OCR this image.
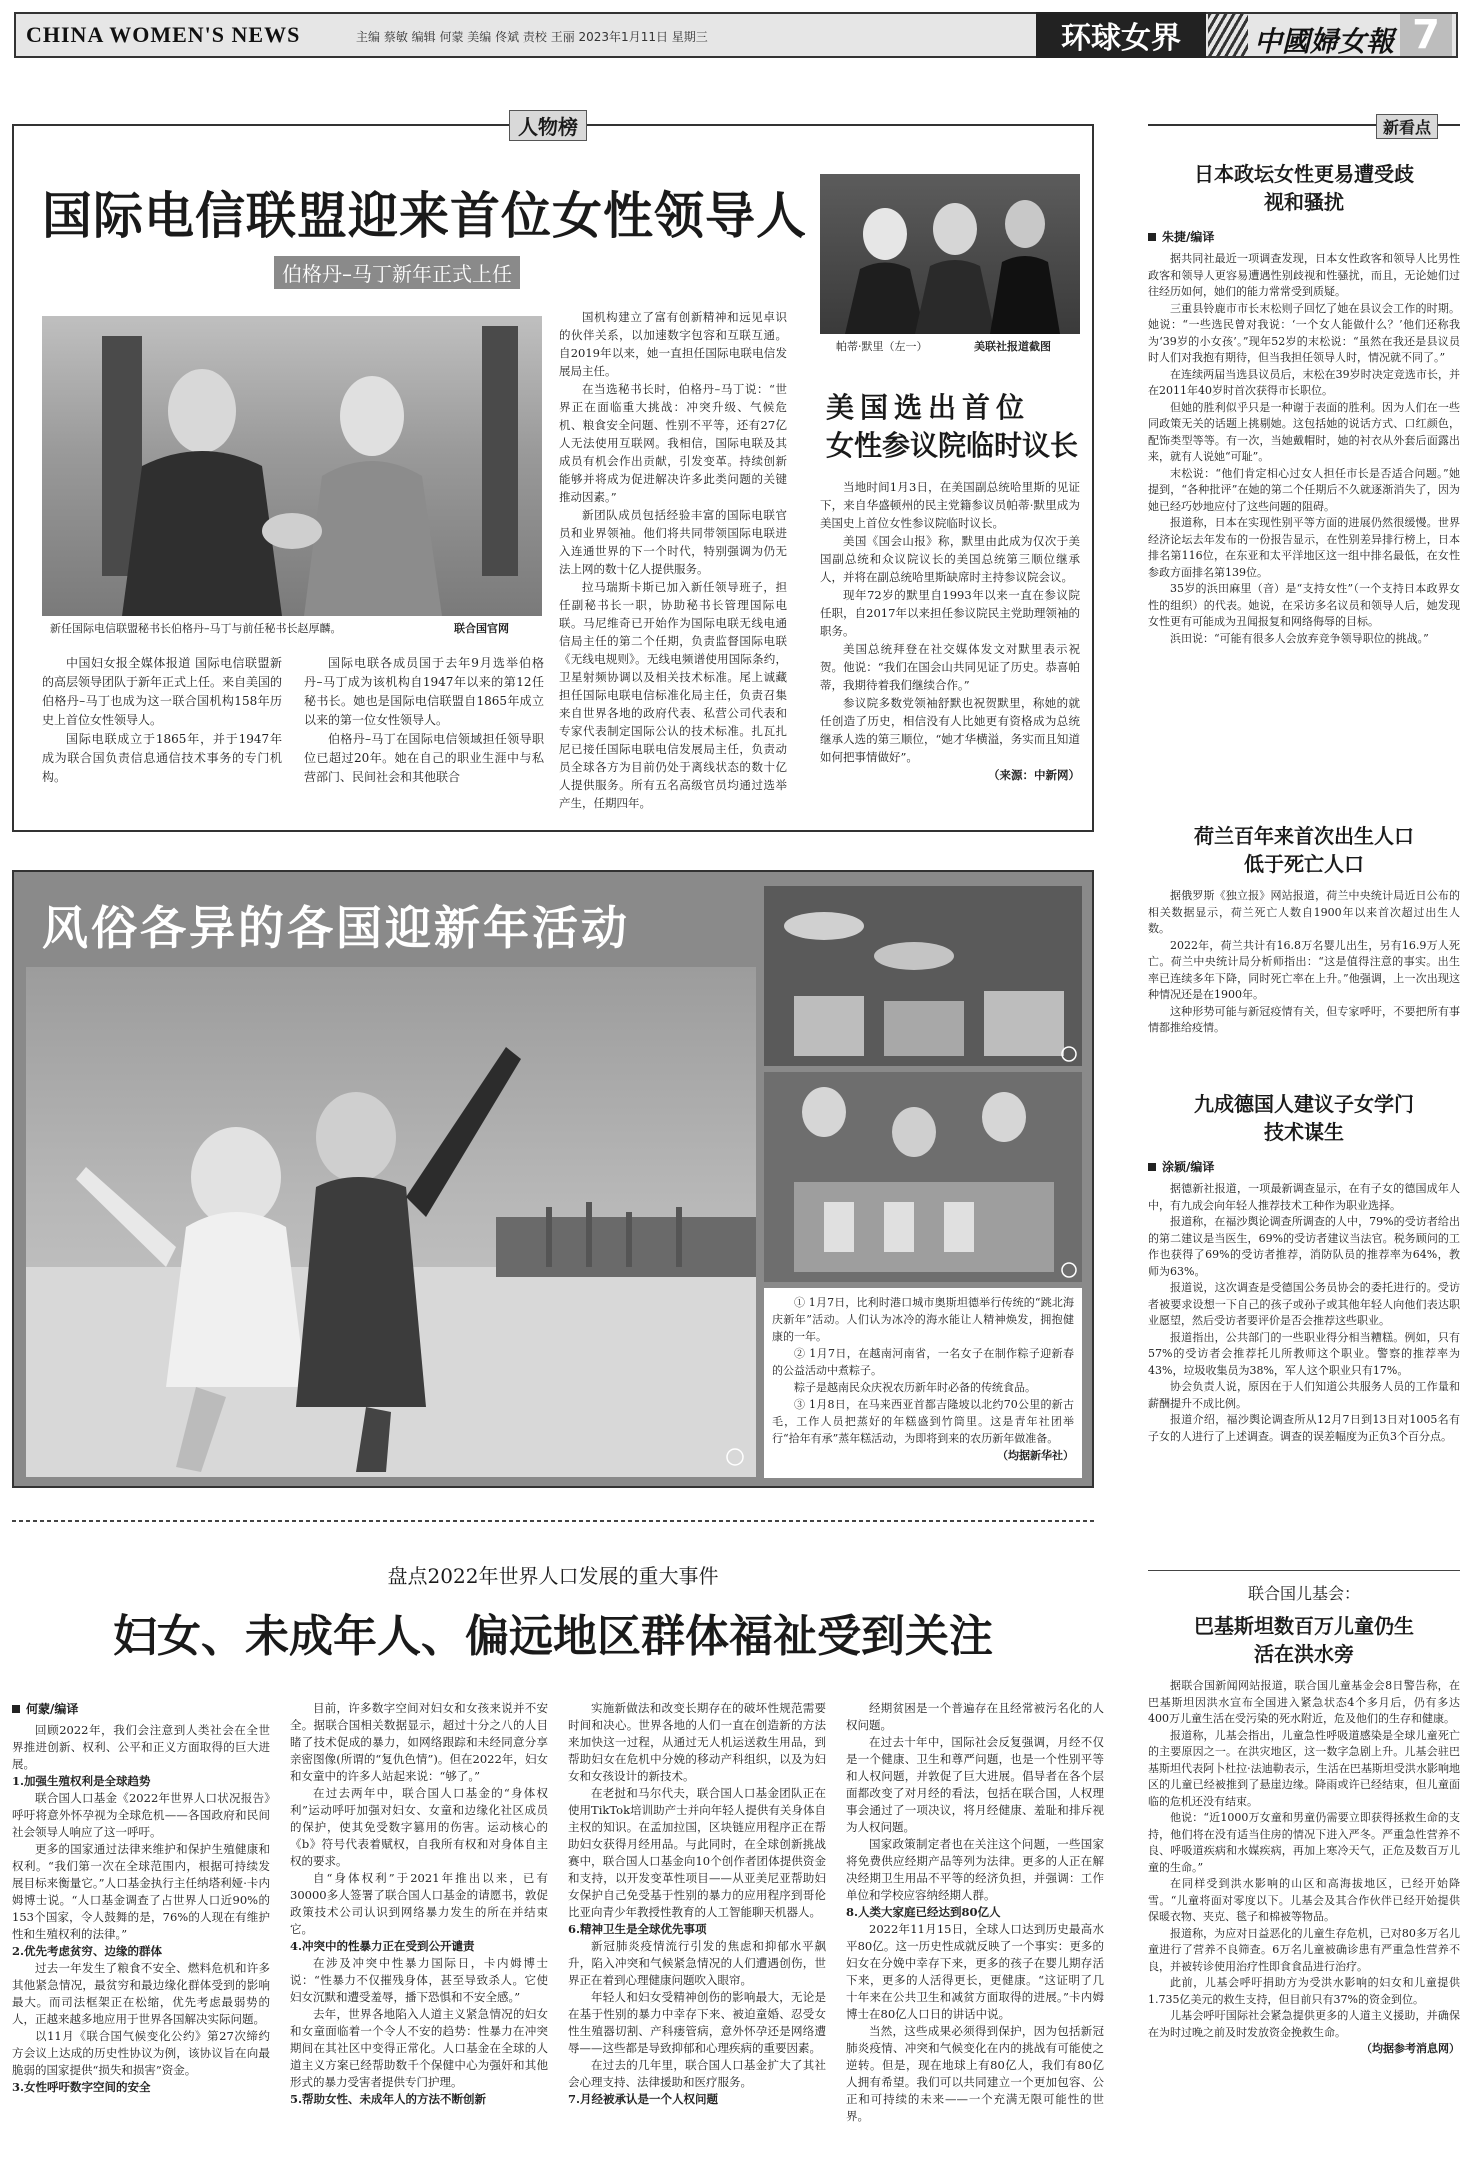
CHINA WOMEN'S NEWS	主编 蔡敏 编辑 何蒙 美编 佟斌 责校 王丽 2023年1月11日 星期三	环球女界	中國婦女報 7
人物榜
国际电信联盟迎来首位女性领导人
伯格丹–马丁新年正式上任
新任国际电信联盟秘书长伯格丹–马丁与前任秘书长赵厚麟。	联合国官网

中国妇女报全媒体报道 国际电信联盟新的高层领导团队于新年正式上任。来自美国的伯格丹–马丁也成为这一联合国机构158年历史上首位女性领导人。

国际电联成立于1865年，并于1947年成为联合国负责信息通信技术事务的专门机构。

国际电联各成员国于去年9月选举伯格丹–马丁成为该机构自1947年以来的第12任秘书长。她也是国际电信联盟自1865年成立以来的第一位女性领导人。

伯格丹–马丁在国际电信领域担任领导职位已超过20年。她在自己的职业生涯中与私营部门、民间社会和其他联合

国机构建立了富有创新精神和远见卓识的伙伴关系，以加速数字包容和互联互通。自2019年以来，她一直担任国际电联电信发展局主任。

在当选秘书长时，伯格丹–马丁说：“世界正在面临重大挑战：冲突升级、气候危机、粮食安全问题、性别不平等，还有27亿人无法使用互联网。我相信，国际电联及其成员有机会作出贡献，引发变革。持续创新能够并将成为促进解决许多此类问题的关键推动因素。”

新团队成员包括经验丰富的国际电联官员和业界领袖。他们将共同带领国际电联进入连通世界的下一个时代，特别强调为仍无法上网的数十亿人提供服务。

拉马瑞斯卡斯已加入新任领导班子，担任副秘书长一职，协助秘书长管理国际电联。马尼维奇已开始作为国际电联无线电通信局主任的第二个任期，负责监督国际电联《无线电规则》。无线电频谱使用国际条约，卫星射频协调以及相关技术标准。尾上诚藏担任国际电联电信标准化局主任，负责召集来自世界各地的政府代表、私营公司代表和专家代表制定国际公认的技术标准。扎瓦扎尼已接任国际电联电信发展局主任，负责动员全球各方为目前仍处于离线状态的数十亿人提供服务。所有五名高级官员均通过选举产生，任期四年。

帕蒂·默里（左一）	美联社报道截图
美国选出首位
女性参议院临时议长

当地时间1月3日，在美国副总统哈里斯的见证下，来自华盛顿州的民主党籍参议员帕蒂·默里成为美国史上首位女性参议院临时议长。

美国《国会山报》称，默里由此成为仅次于美国副总统和众议院议长的美国总统第三顺位继承人，并将在副总统哈里斯缺席时主持参议院会议。

现年72岁的默里自1993年以来一直在参议院任职，自2017年以来担任参议院民主党助理领袖的职务。

美国总统拜登在社交媒体发文对默里表示祝贺。他说：“我们在国会山共同见证了历史。恭喜帕蒂，我期待着我们继续合作。”

参议院多数党领袖舒默也祝贺默里，称她的就任创造了历史，相信没有人比她更有资格成为总统继承人选的第三顺位，“她才华横溢，务实而且知道如何把事情做好”。

（来源：中新网）

风俗各异的各国迎新年活动

① 1月7日，比利时港口城市奥斯坦德举行传统的“跳北海庆新年”活动。人们认为冰冷的海水能让人精神焕发，拥抱健康的一年。

② 1月7日，在越南河南省，一名女子在制作粽子迎新春的公益活动中煮粽子。

粽子是越南民众庆祝农历新年时必备的传统食品。

③ 1月8日，在马来西亚首都吉隆坡以北约70公里的新古毛，工作人员把蒸好的年糕盛到竹筒里。这是青年社团举行“拾年有承”蒸年糕活动，为即将到来的农历新年做准备。

（均据新华社）

盘点2022年世界人口发展的重大事件
妇女、未成年人、偏远地区群体福祉受到关注
何蒙/编译

回顾2022年，我们会注意到人类社会在全世界推进创新、权利、公平和正义方面取得的巨大进展。

1.加强生殖权利是全球趋势

联合国人口基金《2022年世界人口状况报告》呼吁将意外怀孕视为全球危机——各国政府和民间社会领导人响应了这一呼吁。

更多的国家通过法律来维护和保护生殖健康和权利。“我们第一次在全球范围内，根据可持续发展目标来衡量它。”人口基金执行主任纳塔利娅·卡内姆博士说。“人口基金调查了占世界人口近90%的153个国家，令人鼓舞的是，76%的人现在有维护性和生殖权利的法律。”

2.优先考虑贫穷、边缘的群体

过去一年发生了粮食不安全、燃料危机和许多其他紧急情况，最贫穷和最边缘化群体受到的影响最大。而司法框架正在松缩，优先考虑最弱势的人，正越来越多地应用于世界各国解决实际问题。

以11月《联合国气候变化公约》第27次缔约方会议上达成的历史性协议为例，该协议旨在向最脆弱的国家提供“损失和损害”资金。

3.女性呼吁数字空间的安全

目前，许多数字空间对妇女和女孩来说并不安全。据联合国相关数据显示，超过十分之八的人目睹了技术促成的暴力，如网络跟踪和未经同意分享亲密图像(所谓的“复仇色情”)。但在2022年，妇女和女童中的许多人站起来说：“够了。”

在过去两年中，联合国人口基金的“身体权利”运动呼吁加强对妇女、女童和边缘化社区成员的保护，使其免受数字篡用的伤害。运动核心的《b》符号代表着赋权，自我所有权和对身体自主权的要求。

自“身体权利”于2021年推出以来，已有30000多人签署了联合国人口基金的请愿书，敦促政策技术公司认识到网络暴力发生的所在并结束它。

4.冲突中的性暴力正在受到公开谴责

在涉及冲突中性暴力国际日，卡内姆博士说：“性暴力不仅摧残身体，甚至导致杀人。它使妇女沉默和遭受羞辱，播下恐惧和不安全感。”

去年，世界各地陷入人道主义紧急情况的妇女和女童面临着一个令人不安的趋势：性暴力在冲突期间在其社区中变得正常化。人口基金在全球的人道主义方案已经帮助数千个保健中心为强奸和其他形式的暴力受害者提供专门护理。

5.帮助女性、未成年人的方法不断创新

实施新做法和改变长期存在的破坏性规范需要时间和决心。世界各地的人们一直在创造新的方法来加快这一过程，从通过无人机运送救生用品，到帮助妇女在危机中分娩的移动产科组织，以及为妇女和女孩设计的新技术。

在老挝和马尔代夫，联合国人口基金团队正在使用TikTok培训助产士并向年轻人提供有关身体自主权的知识。在孟加拉国，区块链应用程序正在帮助妇女获得月经用品。与此同时，在全球创新挑战赛中，联合国人口基金向10个创作者团体提供资金和支持，以开发变革性项目——从亚美尼亚帮助妇女保护自己免受基于性别的暴力的应用程序到哥伦比亚向青少年教授性教育的人工智能聊天机器人。

6.精神卫生是全球优先事项

新冠肺炎疫情流行引发的焦虑和抑郁水平飙升，陷入冲突和气候紧急情况的人们遭遇创伤，世界正在着到心理健康问题吹入眼帘。

年轻人和妇女受精神创伤的影响最大，无论是在基于性别的暴力中幸存下来、被迫童婚、忍受女性生殖器切割、产科瘘管病，意外怀孕还是网络遭辱——这些都是导致抑郁和心理疾病的重要因素。

在过去的几年里，联合国人口基金扩大了其社会心理支持、法律援助和医疗服务。

7.月经被承认是一个人权问题

经期贫困是一个普遍存在且经常被污名化的人权问题。

在过去十年中，国际社会反复强调，月经不仅是一个健康、卫生和尊严问题，也是一个性别平等和人权问题，并敦促了巨大进展。倡导者在各个层面都改变了对月经的看法，包括在联合国，人权理事会通过了一项决议，将月经健康、羞耻和排斥视为人权问题。

国家政策制定者也在关注这个问题，一些国家将免费供应经期产品等列为法律。更多的人正在解决经期卫生用品不平等的经济负担，并强调：工作单位和学校应容纳经期人群。

8.人类大家庭已经达到80亿人

2022年11月15日，全球人口达到历史最高水平80亿。这一历史性成就反映了一个事实：更多的妇女在分娩中幸存下来，更多的孩子在婴儿期存活下来，更多的人活得更长，更健康。“这证明了几十年来在公共卫生和减贫方面取得的进展。”卡内姆博士在80亿人口日的讲话中说。

当然，这些成果必须得到保护，因为包括新冠肺炎疫情、冲突和气候变化在内的挑战有可能使之逆转。但是，现在地球上有80亿人，我们有80亿人拥有希望。我们可以共同建立一个更加包容、公正和可持续的未来——一个充满无限可能性的世界。

新看点
日本政坛女性更易遭受歧视和骚扰
朱捷/编译

据共同社最近一项调查发现，日本女性政客和领导人比男性政客和领导人更容易遭遇性别歧视和性骚扰，而且，无论她们过往经历如何，她们的能力常常受到质疑。

三重县铃鹿市市长末松则子回忆了她在县议会工作的时期。她说：“一些选民曾对我说：‘一个女人能做什么？’他们还称我为‘39岁的小女孩’。”现年52岁的末松说：“虽然在我还是县议员时人们对我抱有期待，但当我担任领导人时，情况就不同了。”

在连续两届当选县议员后，末松在39岁时决定竞选市长，并在2011年40岁时首次获得市长职位。

但她的胜利似乎只是一种谢于表面的胜利。因为人们在一些同政策无关的话题上挑剔她。这包括她的说话方式、口红颜色，配饰类型等等。有一次，当她戴帽时，她的衬衣从外套后面露出来，就有人说她“可耻”。

末松说：“他们肯定相心过女人担任市长是否适合问题。”她提到，“各种批评”在她的第二个任期后不久就逐渐消失了，因为她已经巧妙地应付了这些问题的阻碍。

报道称，日本在实现性别平等方面的进展仍然很缓慢。世界经济论坛去年发布的一份报告显示，在性别差异排行榜上，日本排名第116位，在东亚和太平洋地区这一组中排名最低，在女性参政方面排名第139位。

35岁的浜田麻里（音）是“支持女性”（一个支持日本政界女性的组织）的代表。她说，在采访多名议员和领导人后，她发现女性更有可能成为丑闻报复和网络侮辱的目标。

浜田说：“可能有很多人会放弃竞争领导职位的挑战。”

荷兰百年来首次出生人口低于死亡人口

据俄罗斯《独立报》网站报道，荷兰中央统计局近日公布的相关数据显示，荷兰死亡人数自1900年以来首次超过出生人数。

2022年，荷兰共计有16.8万名婴儿出生，另有16.9万人死亡。荷兰中央统计局分析师指出：“这是值得注意的事实。出生率已连续多年下降，同时死亡率在上升。”他强调，上一次出现这种情况还是在1900年。

这种形势可能与新冠疫情有关，但专家呼吁，不要把所有事情都推给疫情。

九成德国人建议子女学门技术谋生
涂颖/编译

据德新社报道，一项最新调查显示，在有子女的德国成年人中，有九成会向年轻人推荐技术工种作为职业选择。

报道称，在福沙舆论调查所调查的人中，79%的受访者给出的第二建议是当医生，69%的受访者建议当法官。税务顾问的工作也获得了69%的受访者推荐，消防队员的推荐率为64%，教师为63%。

报道说，这次调查是受德国公务员协会的委托进行的。受访者被要求设想一下自己的孩子或孙子或其他年轻人向他们表达职业愿望，然后受访者要评价是否会推荐这些职业。

报道指出，公共部门的一些职业得分相当糟糕。例如，只有57%的受访者会推荐托儿所教师这个职业。警察的推荐率为43%，垃圾收集员为38%，军人这个职业只有17%。

协会负责人说，原因在于人们知道公共服务人员的工作量和薪酬提升不成比例。

报道介绍，福沙舆论调查所从12月7日到13日对1005名有子女的人进行了上述调查。调查的误差幅度为正负3个百分点。

联合国儿基会：
巴基斯坦数百万儿童仍生活在洪水旁

据联合国新闻网站报道，联合国儿童基金会8日警告称，在巴基斯坦因洪水宣布全国进入紧急状态4个多月后，仍有多达400万儿童生活在受污染的死水附近，危及他们的生存和健康。

报道称，儿基会指出，儿童急性呼吸道感染是全球儿童死亡的主要原因之一。在洪灾地区，这一数字急剧上升。儿基会驻巴基斯坦代表阿卜杜拉·法迪勒表示，生活在巴基斯坦受洪水影响地区的儿童已经被推到了悬崖边缘。降雨或许已经结束，但儿童面临的危机还没有结束。

他说：“近1000万女童和男童仍需要立即获得拯救生命的支持，他们将在没有适当住房的情况下进入严冬。严重急性营养不良、呼吸道疾病和水媒疾病，再加上寒冷天气，正危及数百万儿童的生命。”

在同样受到洪水影响的山区和高海拔地区，已经开始降雪。“儿童将面对零度以下。儿基会及其合作伙伴已经开始提供保暖衣物、夹克、毯子和棉被等物品。

报道称，为应对日益恶化的儿童生存危机，已对80多万名儿童进行了营养不良筛查。6万名儿童被确诊患有严重急性营养不良，并被转诊使用治疗性即食食品进行治疗。

此前，儿基会呼吁捐助方为受洪水影响的妇女和儿童提供1.735亿美元的救生支持，但目前只有37%的资金到位。

儿基会呼吁国际社会紧急提供更多的人道主义援助，并确保在为时过晚之前及时发放资金挽救生命。

（均据参考消息网）
